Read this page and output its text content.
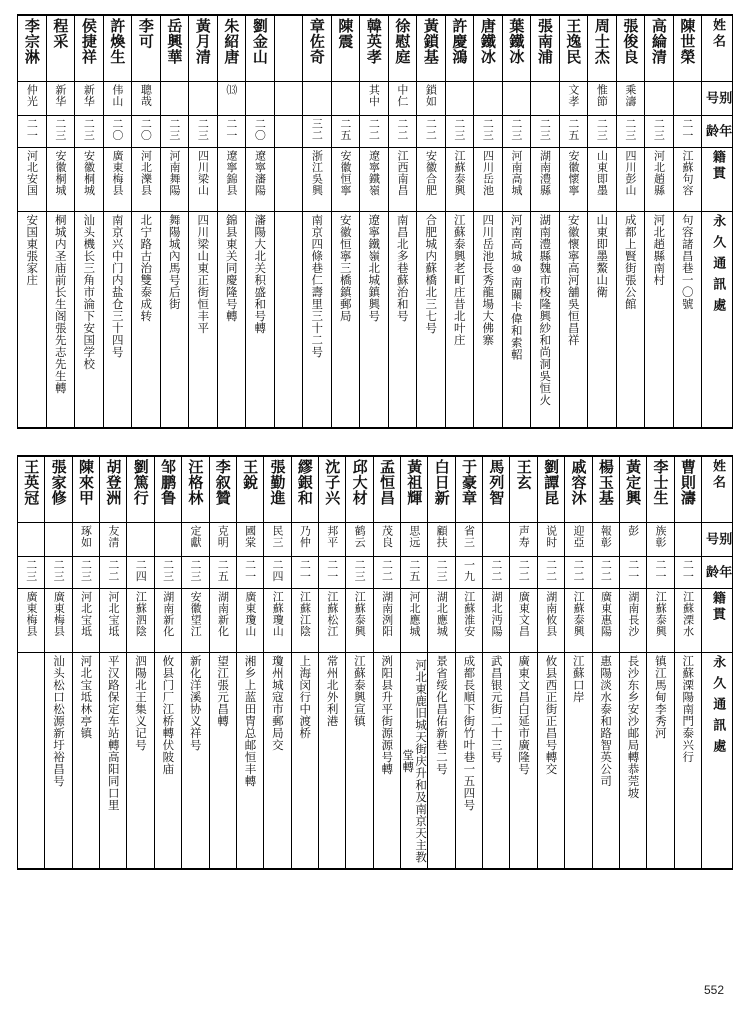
李宗淋	程采	侯捷祥	許煥生	李可	岳興華	黃月清	朱紹唐	劉金山		章佐奇	陳震	韓英孝	徐慰庭	黃鎖基	許慶鴻	唐鐵冰	葉鐵冰	張南浦	王逸民	周士杰	張俊良	高綸清	陳世榮	姓名

仲光	新华	新华	伟山	聰哉			⒀					其中	中仁	鎖如					文孝	惟節	乘濤			别号

二一	二三	二三	二〇	二〇	二三	二三	二一	二〇		三二	二五	二二	二二	二二	二三	二三	二三	二三	二五	二三	二三	二三	二一	年龄

河北安国	安徽桐城	安徽桐城	廣東梅县	河北濼县	河南舞陽	四川梁山	遼寧錦县	遼寧瀋陽		浙江吳興	安徽恒寧	遼寧鐵嶺	江西南昌	安徽合肥	江蘇泰興	四川岳池	河南高城	湖南澧縣	安徽懷寧	山東即墨	四川彭山	河北趙縣	江蘇句容	籍貫

安国東張家庄	桐城内圣庙前长生阁張先志先生轉	汕头機长三角市淪下安国学校	南京兴中门内盐仓三十四号	北宁路古治雙泰成转	舞陽城內馬号后街	四川梁山東正街恒丰平	錦县東关同慶隆号轉	瀋陽大北关积盛和号轉		南京四條巷仁壽里三十二号	安徽恒寧三橋鎮郵局	遼寧鐵嶺北城鎮興号	南昌北多巷蘇治和号	合肥城内蘇橋北三七号	江蘇泰興老町庄昔北叶庄	四川岳池長秀龍場大佛寨	河南高城⑩南關卡偉和索軺	湖南澧縣魏市梭隆興紗和尚洞吳恒火	安徽懷寧高河舖吳恒昌祥	山東即墨鰲山衛	成都上賢街張公館	河北趙縣南村	句容諸昌巷一〇號	永久通訊處
王英冠	張家修	陳來甲	胡登洲	劉篤行	邹鹏鲁	汪格林	李叙贊	王銳	張勤進	繆銀和	沈子兴	邱大材	孟恒昌	黃祖輝	白日新	于豪章	馬列智	王玄	劉譚昆	戚容沐	楊玉基	黃定興	李士生	曹則濤	姓名

		琢如	友清			定獻	克明	國棠	民三	乃仲	邦平	鹤云	茂良	思远	顧扶	省三		声寿	说时	迎亞	報彰	彭	族彰		别号

二三	二三	二三	二二	二四	二三	二三	二五	二一	二四	二一	二一	二三	二二	二五	二三	一九	二二	二二	二二	二二	二二	二一	二一	二一	年龄

廣東梅县	廣東梅县	河北宝坻	河北宝坻	江蘇泗陰	湖南新化	安徽望江	湖南新化	廣東瓊山	江蘇瓊山	江蘇江陰	江蘇松江	江蘇泰興	湖南洌阳	河北應城	湖北應城	江蘇淮安	湖北沔陽	廣東文昌	湖南攸县	江蘇泰興	廣東惠陽	湖南長沙	江蘇泰興	江蘇溧水	籍貫

	汕头松口松源新圩裕昌号	河北宝坻林亭镇	平汉路保定车站轉高阳同口里	泗陽北王集义记号	攸县门厂江桥轉伏陂庙	新化洋溪协义祥号	望江張元昌轉	湘乡上蓝田冑总邮恒丰轉	瓊州城寇市郵局交	上海闵行中渡桥	常州北外利港	江蘇泰興宣镇	洌阳县升平街源源号轉	河北東鹿旧城天街庆升和及南京天主教堂轉	景省绥化昌佑新巷二号	成都長順下街竹叶巷一五四号	武昌银元街二十三号	廣東文昌白延市廣隆号	攸县西正街正昌号轉交	江蘇口岸	惠陽淡水泰和路智英公司	長沙东乡安沙邮局轉恭莞坡	镇江馬甸李秀河	江蘇溧陽南門泰兴行	永久通訊處
552
